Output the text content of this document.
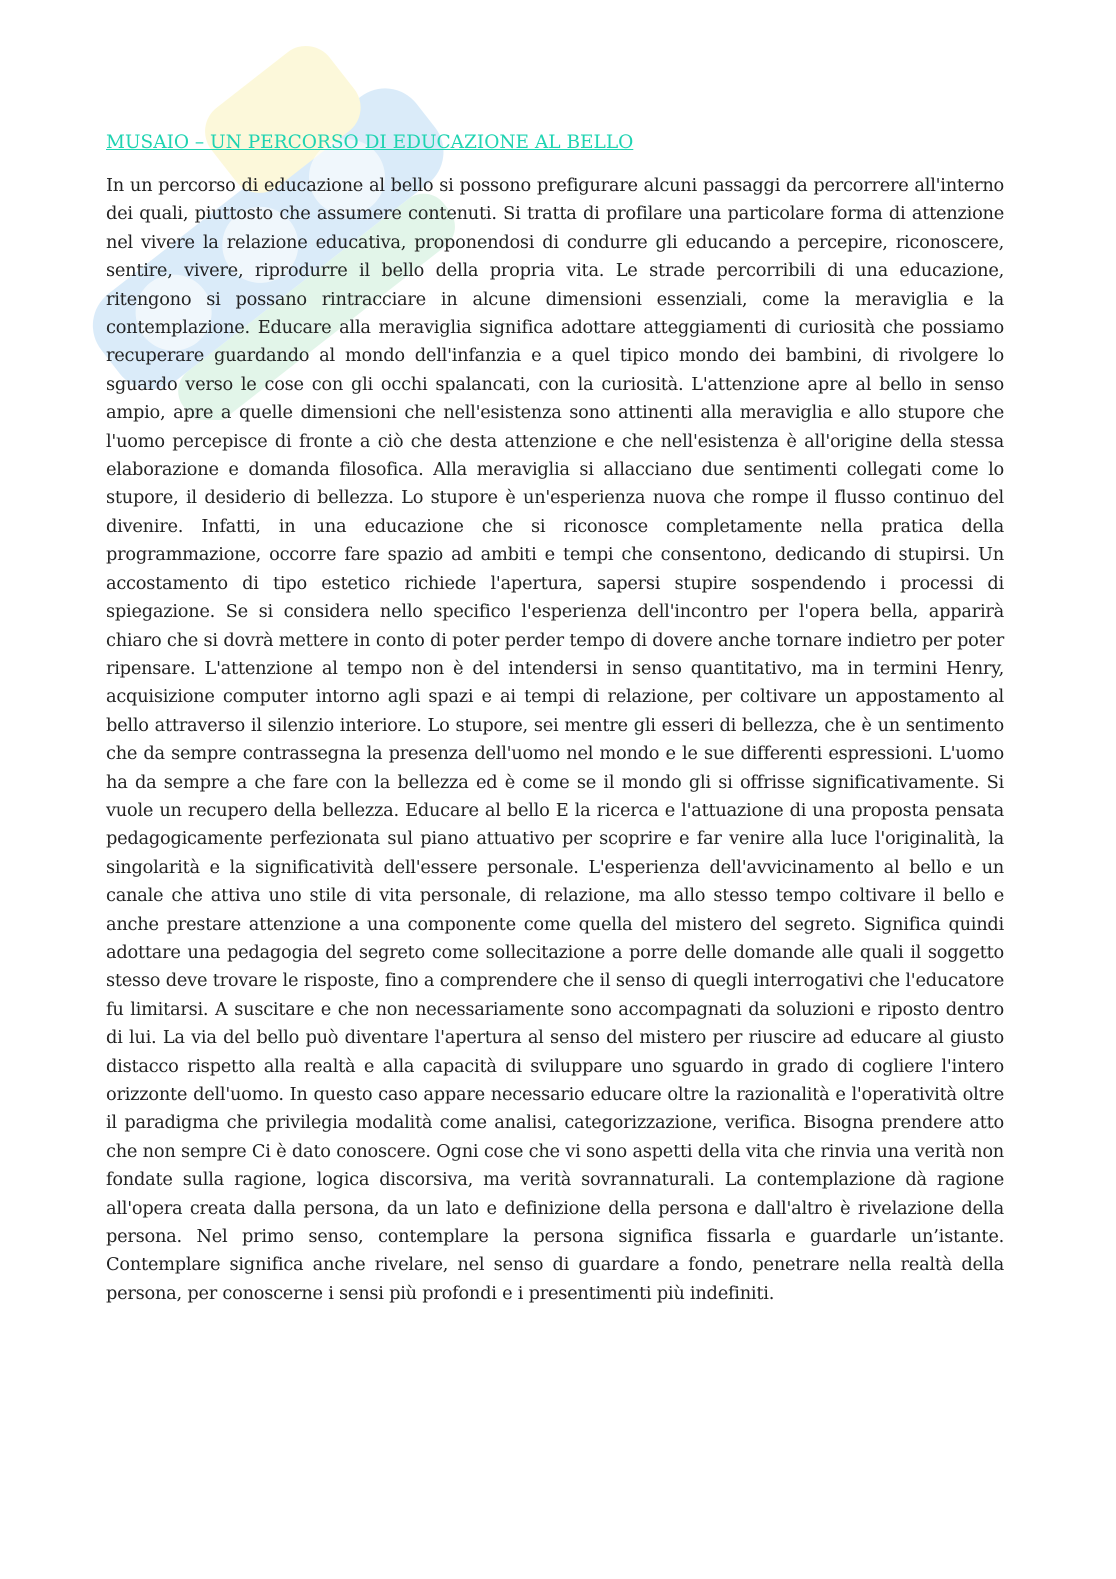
MUSAIO – UN PERCORSO DI EDUCAZIONE AL BELLO

In un percorso di educazione al bello si possono prefigurare alcuni passaggi da percorrere all'interno dei quali, piuttosto che assumere contenuti. Si tratta di profilare una particolare forma di attenzione nel vivere la relazione educativa, proponendosi di condurre gli educando a percepire, riconoscere, sentire, vivere, riprodurre il bello della propria vita. Le strade percorribili di una educazione, ritengono si possano rintracciare in alcune dimensioni essenziali, come la meraviglia e la contemplazione. Educare alla meraviglia significa adottare atteggiamenti di curiosità che possiamo recuperare guardando al mondo dell'infanzia e a quel tipico mondo dei bambini, di rivolgere lo sguardo verso le cose con gli occhi spalancati, con la curiosità. L'attenzione apre al bello in senso ampio, apre a quelle dimensioni che nell'esistenza sono attinenti alla meraviglia e allo stupore che l'uomo percepisce di fronte a ciò che desta attenzione e che nell'esistenza è all'origine della stessa elaborazione e domanda filosofica. Alla meraviglia si allacciano due sentimenti collegati come lo stupore, il desiderio di bellezza. Lo stupore è un'esperienza nuova che rompe il flusso continuo del divenire. Infatti, in una educazione che si riconosce completamente nella pratica della programmazione, occorre fare spazio ad ambiti e tempi che consentono, dedicando di stupirsi. Un accostamento di tipo estetico richiede l'apertura, sapersi stupire sospendendo i processi di spiegazione. Se si considera nello specifico l'esperienza dell'incontro per l'opera bella, apparirà chiaro che si dovrà mettere in conto di poter perder tempo di dovere anche tornare indietro per poter ripensare. L'attenzione al tempo non è del intendersi in senso quantitativo, ma in termini Henry, acquisizione computer intorno agli spazi e ai tempi di relazione, per coltivare un appostamento al bello attraverso il silenzio interiore. Lo stupore, sei mentre gli esseri di bellezza, che è un sentimento che da sempre contrassegna la presenza dell'uomo nel mondo e le sue differenti espressioni. L'uomo ha da sempre a che fare con la bellezza ed è come se il mondo gli si offrisse significativamente. Si vuole un recupero della bellezza. Educare al bello E la ricerca e l'attuazione di una proposta pensata pedagogicamente perfezionata sul piano attuativo per scoprire e far venire alla luce l'originalità, la singolarità e la significatività dell'essere personale. L'esperienza dell'avvicinamento al bello e un canale che attiva uno stile di vita personale, di relazione, ma allo stesso tempo coltivare il bello e anche prestare attenzione a una componente come quella del mistero del segreto. Significa quindi adottare una pedagogia del segreto come sollecitazione a porre delle domande alle quali il soggetto stesso deve trovare le risposte, fino a comprendere che il senso di quegli interrogativi che l'educatore fu limitarsi. A suscitare e che non necessariamente sono accompagnati da soluzioni e riposto dentro di lui. La via del bello può diventare l'apertura al senso del mistero per riuscire ad educare al giusto distacco rispetto alla realtà e alla capacità di sviluppare uno sguardo in grado di cogliere l'intero orizzonte dell'uomo. In questo caso appare necessario educare oltre la razionalità e l'operatività oltre il paradigma che privilegia modalità come analisi, categorizzazione, verifica. Bisogna prendere atto che non sempre Ci è dato conoscere. Ogni cose che vi sono aspetti della vita che rinvia una verità non fondate sulla ragione, logica discorsiva, ma verità sovrannaturali. La contemplazione dà ragione all'opera creata dalla persona, da un lato e definizione della persona e dall'altro è rivelazione della persona. Nel primo senso, contemplare la persona significa fissarla e guardarle un’istante. Contemplare significa anche rivelare, nel senso di guardare a fondo, penetrare nella realtà della persona, per conoscerne i sensi più profondi e i presentimenti più indefiniti.
